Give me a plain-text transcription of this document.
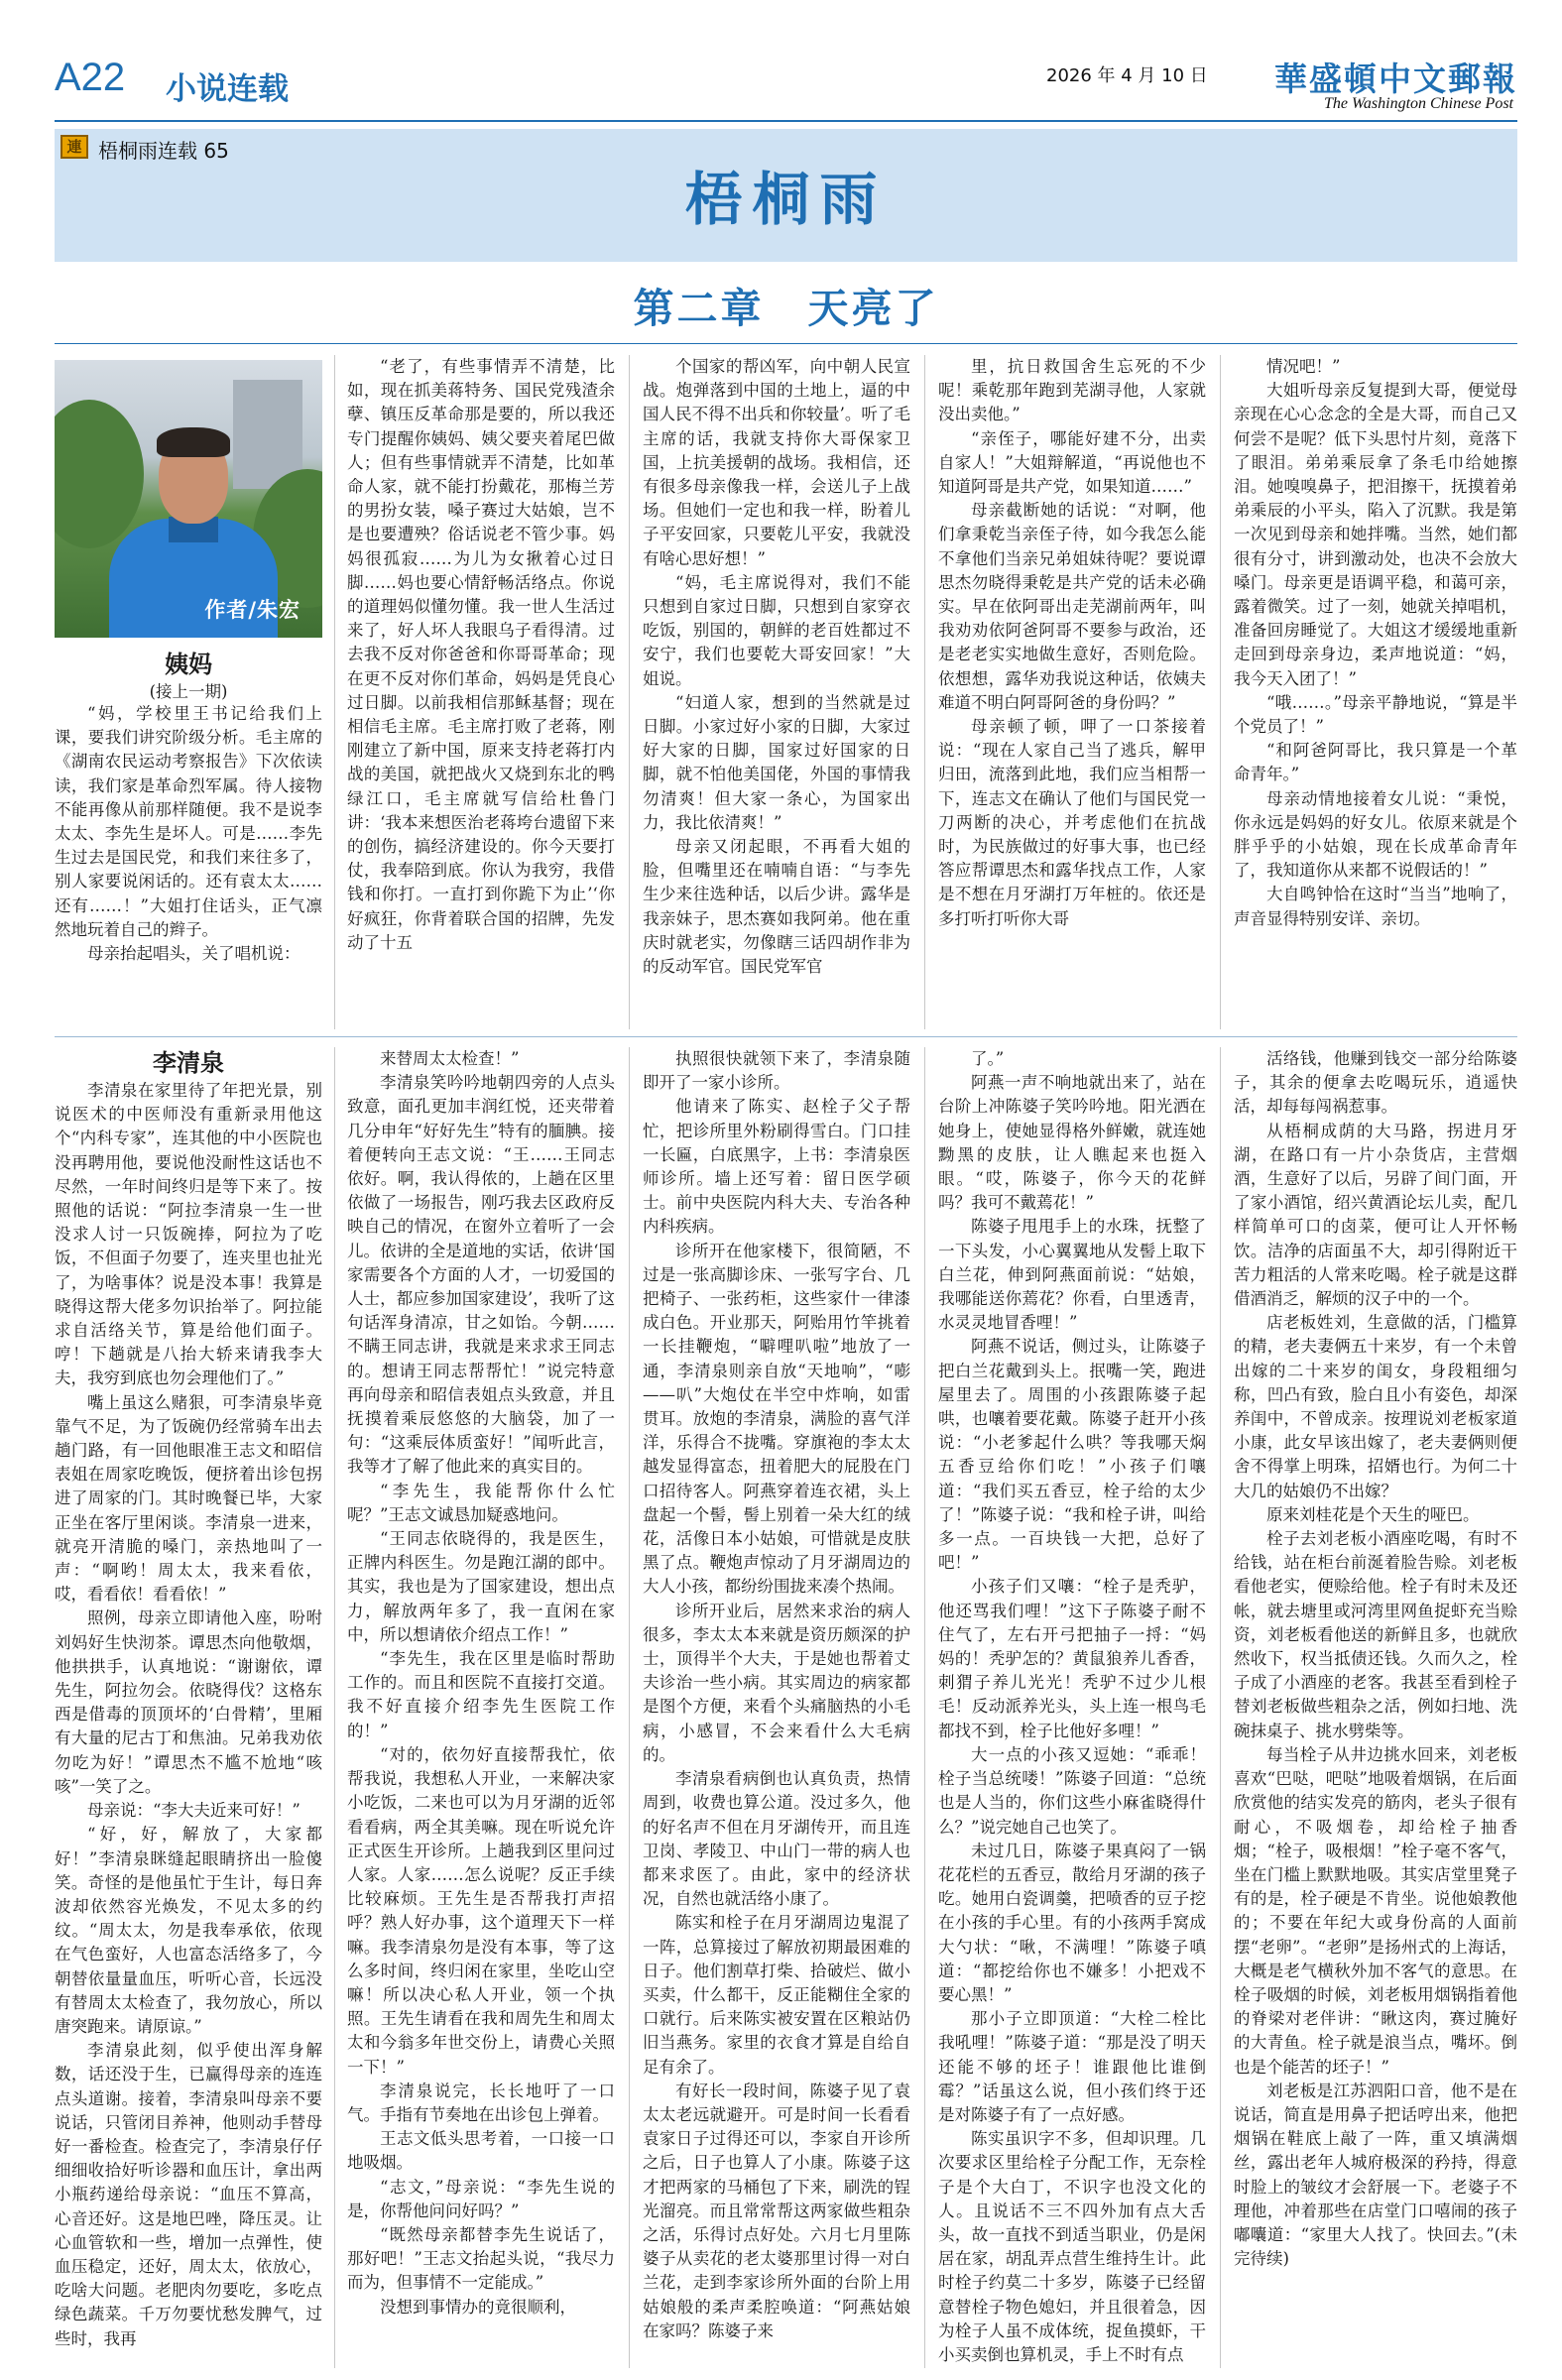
A22 小说连载	2026 年 4 月 10 日 華盛頓中文郵報
The Washington Chinese Post
連 梧桐雨连载 65
梧桐雨
第二章　天亮了
作者/朱宏
姨妈
(接上一期)

“妈，学校里王书记给我们上课，要我们讲究阶级分析。毛主席的《湖南农民运动考察报告》下次依读读，我们家是革命烈军属。待人接物不能再像从前那样随便。我不是说李太太、李先生是坏人。可是……李先生过去是国民党，和我们来往多了，别人家要说闲话的。还有袁太太……还有……！”大姐打住话头，正气凛然地玩着自己的辫子。

母亲抬起唱头，关了唱机说：

“老了，有些事情弄不清楚，比如，现在抓美蒋特务、国民党残渣余孽、镇压反革命那是要的，所以我还专门提醒你姨妈、姨父要夹着尾巴做人；但有些事情就弄不清楚，比如革命人家，就不能打扮戴花，那梅兰芳的男扮女装，嗓子赛过大姑娘，岂不是也要遭殃？俗话说老不管少事。妈妈很孤寂……为儿为女揪着心过日脚……妈也要心情舒畅活络点。你说的道理妈似懂勿懂。我一世人生活过来了，好人坏人我眼乌子看得清。过去我不反对你爸爸和你哥哥革命；现在更不反对你们革命，妈妈是凭良心过日脚。以前我相信那稣基督；现在相信毛主席。毛主席打败了老蒋，刚刚建立了新中国，原来支持老蒋打内战的美国，就把战火又烧到东北的鸭绿江口，毛主席就写信给杜鲁门讲：‘我本来想医治老蒋垮台遗留下来的创伤，搞经济建设的。你今天要打仗，我奉陪到底。你认为我穷，我借钱和你打。一直打到你跪下为止’‘你好疯狂，你背着联合国的招牌，先发动了十五

个国家的帮凶军，向中朝人民宣战。炮弹落到中国的土地上，逼的中国人民不得不出兵和你较量’。听了毛主席的话，我就支持你大哥保家卫国，上抗美援朝的战场。我相信，还有很多母亲像我一样，会送儿子上战场。但她们一定也和我一样，盼着儿子平安回家，只要乾儿平安，我就没有啥心思好想！”

“妈，毛主席说得对，我们不能只想到自家过日脚，只想到自家穿衣吃饭，别国的，朝鲜的老百姓都过不安宁，我们也要乾大哥安回家！”大姐说。

“妇道人家，想到的当然就是过日脚。小家过好小家的日脚，大家过好大家的日脚，国家过好国家的日脚，就不怕他美国佬，外国的事情我勿清爽！但大家一条心，为国家出力，我比依清爽！”

母亲又闭起眼，不再看大姐的脸，但嘴里还在喃喃自语：“与李先生少来往选种话，以后少讲。露华是我亲妹子，思杰赛如我阿弟。他在重庆时就老实，勿像瞎三话四胡作非为的反动军官。国民党军官

里，抗日救国舍生忘死的不少呢！乘乾那年跑到芜湖寻他，人家就没出卖他。”

“亲侄子，哪能好建不分，出卖自家人！”大姐辩解道，“再说他也不知道阿哥是共产党，如果知道……”

母亲截断她的话说：“对啊，他们拿秉乾当亲侄子待，如今我怎么能不拿他们当亲兄弟姐妹待呢？要说谭思杰勿晓得秉乾是共产党的话未必确实。早在依阿哥出走芜湖前两年，叫我劝劝依阿爸阿哥不要参与政治，还是老老实实地做生意好，否则危险。依想想，露华劝我说这种话，依姨夫难道不明白阿哥阿爸的身份吗？”

母亲顿了顿，呷了一口茶接着说：“现在人家自己当了逃兵，解甲归田，流落到此地，我们应当相帮一下，连志文在确认了他们与国民党一刀两断的决心，并考虑他们在抗战时，为民族做过的好事大事，也已经答应帮谭思杰和露华找点工作，人家是不想在月牙湖打万年桩的。依还是多打听打听你大哥

情况吧！”

大姐听母亲反复提到大哥，便觉母亲现在心心念念的全是大哥，而自己又何尝不是呢？低下头思忖片刻，竟落下了眼泪。弟弟乘辰拿了条毛巾给她擦泪。她嗅嗅鼻子，把泪擦干，抚摸着弟弟乘辰的小平头，陷入了沉默。我是第一次见到母亲和她拌嘴。当然，她们都很有分寸，讲到激动处，也决不会放大嗓门。母亲更是语调平稳，和蔼可亲，露着微笑。过了一刻，她就关掉唱机，准备回房睡觉了。大姐这才缓缓地重新走回到母亲身边，柔声地说道：“妈，我今天入团了！”

“哦……。”母亲平静地说，“算是半个党员了！”

“和阿爸阿哥比，我只算是一个革命青年。”

母亲动情地接着女儿说：“秉悦，你永远是妈妈的好女儿。依原来就是个胖乎乎的小姑娘，现在长成革命青年了，我知道你从来都不说假话的！”

大自鸣钟恰在这时“当当”地响了，声音显得特别安详、亲切。

李清泉

李清泉在家里待了年把光景，别说医术的中医师没有重新录用他这个“内科专家”，连其他的中小医院也没再聘用他，要说他没耐性这话也不尽然，一年时间终归是等下来了。按照他的话说：“阿拉李清泉一生一世没求人讨一只饭碗捧，阿拉为了吃饭，不但面子勿要了，连夹里也扯光了，为啥事体？说是没本事！我算是晓得这帮大佬多勿识抬举了。阿拉能求自活络关节，算是给他们面子。哼！下趟就是八抬大轿来请我李大夫，我穷到底也勿会理他们了。”

嘴上虽这么赌狠，可李清泉毕竟靠气不足，为了饭碗仍经常骑车出去趟门路，有一回他眼准王志文和昭信表姐在周家吃晚饭，便挤着出诊包拐进了周家的门。其时晚餐已毕，大家正坐在客厅里闲谈。李清泉一进来，就亮开清脆的嗓门，亲热地叫了一声：“啊哟！周太太，我来看依，哎，看看依！看看依！”

照例，母亲立即请他入座，吩咐刘妈好生快沏茶。谭思杰向他敬烟，他拱拱手，认真地说：“谢谢依，谭先生，阿拉勿会。依晓得伐？这格东西是借毒的顶顶坏的‘白骨精’，里厢有大量的尼古丁和焦油。兄弟我劝依勿吃为好！”谭思杰不尴不尬地“咳咳”一笑了之。

母亲说：“李大夫近来可好！”

“好，好，解放了，大家都好！”李清泉眯缝起眼睛挤出一脸傻笑。奇怪的是他虽忙于生计，每日奔波却依然容光焕发，不见太多的约纹。“周太太，勿是我奉承依，依现在气色蛮好，人也富态活络多了，今朝替依量量血压，听听心音，长远没有替周太太检查了，我勿放心，所以唐突跑来。请原谅。”

李清泉此刻，似乎使出浑身解数，话还没于生，已赢得母亲的连连点头道谢。接着，李清泉叫母亲不要说话，只管闭目养神，他则动手替母好一番检查。检查完了，李清泉仔仔细细收拾好听诊器和血压计，拿出两小瓶药递给母亲说：“血压不算高，心音还好。这是地巴唑，降压灵。让心血管软和一些，增加一点弹性，使血压稳定，还好，周太太，依放心，吃啥大问题。老肥肉勿要吃，多吃点绿色蔬菜。千万勿要忧愁发脾气，过些时，我再

来替周太太检查！”

李清泉笑吟吟地朝四旁的人点头致意，面孔更加丰润红悦，还夹带着几分申年“好好先生”特有的腼腆。接着便转向王志文说：“王……王同志依好。啊，我认得侬的，上趟在区里依做了一场报告，刚巧我去区政府反映自己的情况，在窗外立着听了一会儿。依讲的全是道地的实话，依讲‘国家需要各个方面的人才，一切爱国的人士，都应参加国家建设’，我听了这句话浑身清凉，甘之如饴。今朝……不瞒王同志讲，我就是来求求王同志的。想请王同志帮帮忙！”说完特意再向母亲和昭信表姐点头致意，并且抚摸着乘辰悠悠的大脑袋，加了一句：“这乘辰体质蛮好！”闻听此言，我等才了解了他此来的真实目的。

“李先生，我能帮你什么忙呢？”王志文诚恳加疑惑地问。

“王同志依晓得的，我是医生，正牌内科医生。勿是跑江湖的郎中。其实，我也是为了国家建设，想出点力，解放两年多了，我一直闲在家中，所以想请依介绍点工作！”

“李先生，我在区里是临时帮助工作的。而且和医院不直接打交道。我不好直接介绍李先生医院工作的！”

“对的，依勿好直接帮我忙，依帮我说，我想私人开业，一来解决家小吃饭，二来也可以为月牙湖的近邻看看病，两全其美嘛。现在听说允许正式医生开诊所。上趟我到区里问过人家。人家……怎么说呢？反正手续比较麻烦。王先生是否帮我打声招呼？熟人好办事，这个道理天下一样嘛。我李清泉勿是没有本事，等了这么多时间，终归闲在家里，坐吃山空嘛！所以决心私人开业，领一个执照。王先生请看在我和周先生和周太太和今翁多年世交份上，请费心关照一下！”

李清泉说完，长长地吁了一口气。手指有节奏地在出诊包上弹着。

王志文低头思考着，一口接一口地吸烟。

“志文，”母亲说：“李先生说的是，你帮他问问好吗？”

“既然母亲都替李先生说话了，那好吧！”王志文抬起头说，“我尽力而为，但事情不一定能成。”

没想到事情办的竟很顺利，

执照很快就领下来了，李清泉随即开了一家小诊所。

他请来了陈实、赵栓子父子帮忙，把诊所里外粉刷得雪白。门口挂一长匾，白底黑字，上书：李清泉医师诊所。墙上还写着：留日医学硕士。前中央医院内科大夫、专治各种内科疾病。

诊所开在他家楼下，很简陋，不过是一张高脚诊床、一张写字台、几把椅子、一张药柜，这些家什一律漆成白色。开业那天，阿贻用竹竿挑着一长挂鞭炮，“噼哩叭啦”地放了一通，李清泉则亲自放“天地响”，“嘭——叭”大炮仗在半空中炸响，如雷贯耳。放炮的李清泉，满脸的喜气洋洋，乐得合不拢嘴。穿旗袍的李太太越发显得富态，扭着肥大的屁股在门口招待客人。阿燕穿着连衣裙，头上盘起一个髻，髻上别着一朵大红的绒花，活像日本小姑娘，可惜就是皮肤黑了点。鞭炮声惊动了月牙湖周边的大人小孩，都纷纷围拢来凑个热闹。

诊所开业后，居然来求治的病人很多，李太太本来就是资历颇深的护士，顶得半个大夫，于是她也帮着丈夫诊治一些小病。其实周边的病家都是图个方便，来看个头痛脑热的小毛病，小感冒，不会来看什么大毛病的。

李清泉看病倒也认真负责，热情周到，收费也算公道。没过多久，他的好名声不但在月牙湖传开，而且连卫岗、孝陵卫、中山门一带的病人也都来求医了。由此，家中的经济状况，自然也就活络小康了。

陈实和栓子在月牙湖周边鬼混了一阵，总算接过了解放初期最困难的日子。他们割草打柴、拾破烂、做小买卖，什么都干，反正能糊住全家的口就行。后来陈实被安置在区粮站仍旧当燕务。家里的衣食才算是自给自足有余了。

有好长一段时间，陈婆子见了袁太太老远就避开。可是时间一长看看袁家日子过得还可以，李家自开诊所之后，日子也算人了小康。陈婆子这才把两家的马桶包了下来，刷洗的锃光溜亮。而且常常帮这两家做些粗杂之活，乐得讨点好处。六月七月里陈婆子从卖花的老太婆那里讨得一对白兰花，走到李家诊所外面的台阶上用姑娘般的柔声柔腔唤道：“阿燕姑娘在家吗？陈婆子来

了。”

阿燕一声不响地就出来了，站在台阶上冲陈婆子笑吟吟地。阳光洒在她身上，使她显得格外鲜嫩，就连她黝黑的皮肤，让人瞧起来也挺入眼。“哎，陈婆子，你今天的花鲜吗？我可不戴蔫花！”

陈婆子甩甩手上的水珠，抚整了一下头发，小心翼翼地从发髻上取下白兰花，伸到阿燕面前说：“姑娘，我哪能送你蔫花？你看，白里透青，水灵灵地冒香哩！”

阿燕不说话，侧过头，让陈婆子把白兰花戴到头上。抿嘴一笑，跑进屋里去了。周围的小孩跟陈婆子起哄，也嚷着要花戴。陈婆子赶开小孩说：“小老爹起什么哄？等我哪天焖五香豆给你们吃！”小孩子们嚷道：“我们买五香豆，栓子给的太少了！”陈婆子说：“我和栓子讲，叫给多一点。一百块钱一大把，总好了吧！”

小孩子们又嚷：“栓子是秃驴，他还骂我们哩！”这下子陈婆子耐不住气了，左右开弓把抽子一捋：“妈妈的！秃驴怎的？黄鼠狼养儿香香，刺猬子养儿光光！秃驴不过少儿根毛！反动派养光头，头上连一根鸟毛都找不到，栓子比他好多哩！”

大一点的小孩又逗她：“乖乖！栓子当总统喽！”陈婆子回道：“总统也是人当的，你们这些小麻雀晓得什么？”说完她自己也笑了。

未过几日，陈婆子果真闷了一锅花花栏的五香豆，散给月牙湖的孩子吃。她用白瓷调羹，把喷香的豆子挖在小孩的手心里。有的小孩两手窝成大勺状：“啾，不满哩！”陈婆子嗔道：“都挖给你也不嫌多！小把戏不要心黑！”

那小子立即顶道：“大栓二栓比我吼哩！”陈婆子道：“那是没了明天还能不够的坯子！谁跟他比谁倒霉？”话虽这么说，但小孩们终于还是对陈婆子有了一点好感。

陈实虽识字不多，但却识理。几次要求区里给栓子分配工作，无奈栓子是个大白丁，不识字也没文化的人。且说话不三不四外加有点大舌头，故一直找不到适当职业，仍是闲居在家，胡乱弄点营生维持生计。此时栓子约莫二十多岁，陈婆子已经留意替栓子物色媳妇，并且很着急，因为栓子人虽不成体统，捉鱼摸虾，干小买卖倒也算机灵，手上不时有点

活络钱，他赚到钱交一部分给陈婆子，其余的便拿去吃喝玩乐，逍遥快活，却每每闯祸惹事。

从梧桐成荫的大马路，拐进月牙湖，在路口有一片小杂货店，主营烟酒，生意好了以后，另辟了间门面，开了家小酒馆，绍兴黄酒论坛儿卖，配几样简单可口的卤菜，便可让人开怀畅饮。洁净的店面虽不大，却引得附近干苦力粗活的人常来吃喝。栓子就是这群借酒消乏，解烦的汉子中的一个。

店老板姓刘，生意做的活，门槛算的精，老夫妻俩五十来岁，有一个未曾出嫁的二十来岁的闺女，身段粗细匀称，凹凸有致，脸白且小有姿色，却深养闺中，不曾成亲。按理说刘老板家道小康，此女早该出嫁了，老夫妻俩则便舍不得掌上明珠，招婿也行。为何二十大几的姑娘仍不出嫁？

原来刘桂花是个天生的哑巴。

栓子去刘老板小酒座吃喝，有时不给钱，站在柜台前涎着脸告赊。刘老板看他老实，便赊给他。栓子有时未及还帐，就去塘里或河湾里网鱼捉虾充当赊资，刘老板看他送的新鲜且多，也就欣然收下，权当抵债还钱。久而久之，栓子成了小酒座的老客。我甚至看到栓子替刘老板做些粗杂之活，例如扫地、洗碗抹桌子、挑水劈柴等。

每当栓子从井边挑水回来，刘老板喜欢“巴哒，吧哒”地吸着烟锅，在后面欣赏他的结实发亮的筋肉，老头子很有耐心，不吸烟卷，却给栓子抽香烟；“栓子，吸根烟！”栓子毫不客气，坐在门槛上默默地吸。其实店堂里凳子有的是，栓子硬是不肯坐。说他娘教他的；不要在年纪大或身份高的人面前摆“老卵”。“老卵”是扬州式的上海话，大概是老气横秋外加不客气的意思。在栓子吸烟的时候，刘老板用烟锅指着他的脊梁对老伴讲：“瞅这肉，赛过腌好的大青鱼。栓子就是浪当点，嘴坏。倒也是个能苦的坯子！”

刘老板是江苏泗阳口音，他不是在说话，简直是用鼻子把话哼出来，他把烟锅在鞋底上敲了一阵，重又填满烟丝，露出老年人城府极深的矜持，得意时脸上的皱纹才会舒展一下。老婆子不理他，冲着那些在店堂门口嘻闹的孩子嘟囔道：“家里大人找了。快回去。”(未完待续)
